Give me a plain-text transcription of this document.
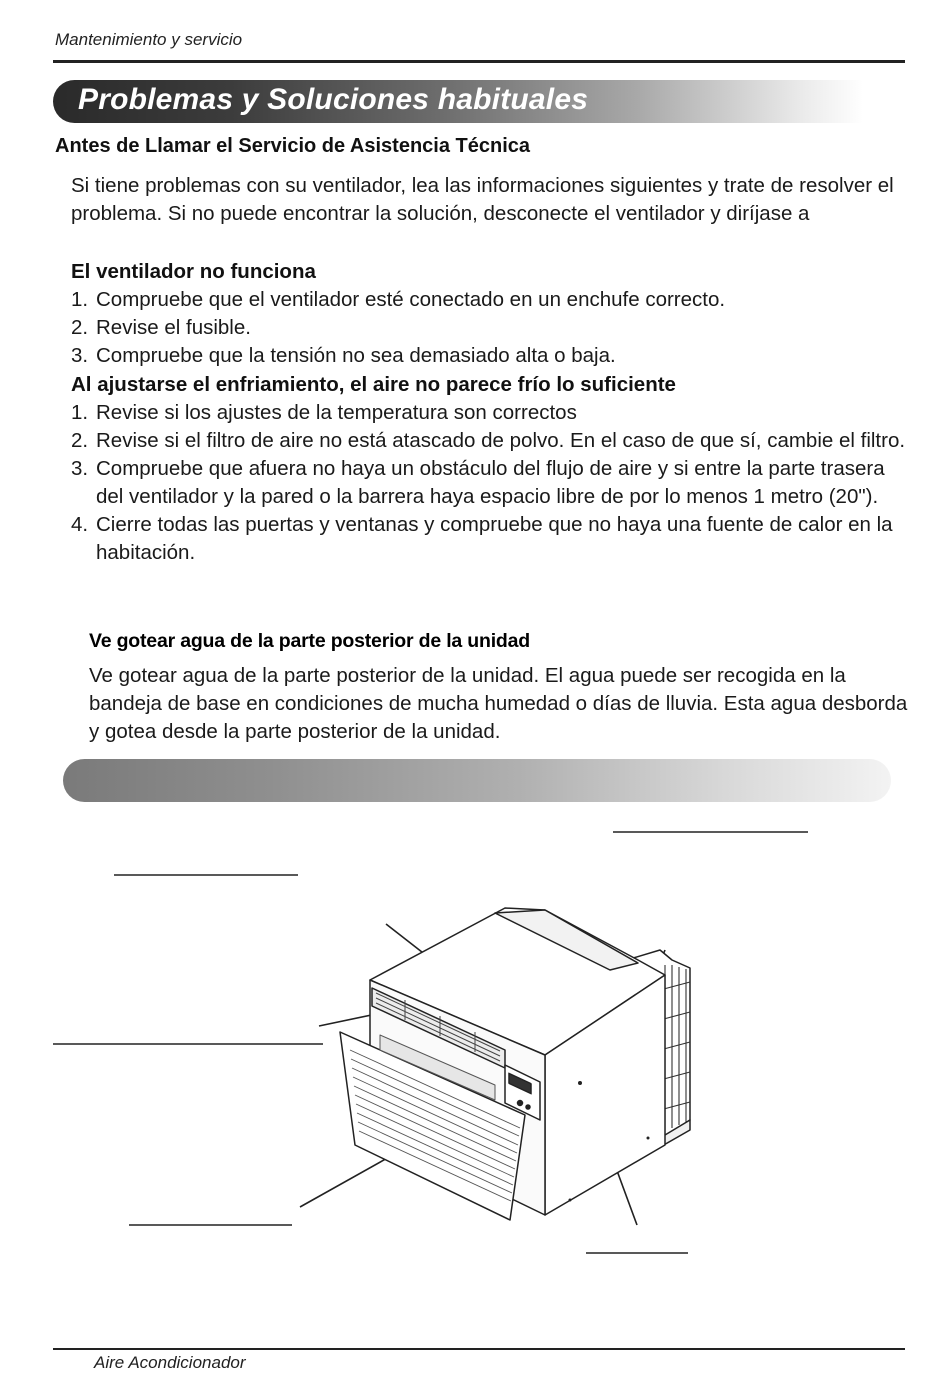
Mantenimiento y servicio
Problemas y Soluciones habituales
Antes de Llamar el Servicio de Asistencia Técnica

Si tiene problemas con su ventilador, lea las informaciones siguientes y trate de resolver el problema. Si no puede encontrar la solución, desconecte el ventilador y diríjase a

El ventilador no funciona
1. Compruebe que el ventilador esté conectado en un enchufe correcto.
2. Revise el fusible.
3. Compruebe que la tensión no sea demasiado alta o baja.
Al ajustarse el enfriamiento, el aire no parece frío lo suficiente
1. Revise si los ajustes de la temperatura son correctos
2. Revise si el filtro de aire no está atascado de polvo. En el caso de que sí, cambie el filtro.
3. Compruebe que afuera no haya un obstáculo del flujo de aire y si entre la parte trasera del ventilador y la pared o la barrera haya espacio libre de por lo menos 1 metro (20").
4. Cierre todas las puertas y ventanas y compruebe que no haya una fuente de calor en la habitación.
Ve gotear agua de la parte posterior de la unidad

Ve gotear agua de la parte posterior de la unidad. El agua puede ser recogida en la bandeja de base en condiciones de mucha humedad o días de lluvia. Esta agua desborda y gotea desde la parte posterior de la unidad.

Aire Acondicionador
